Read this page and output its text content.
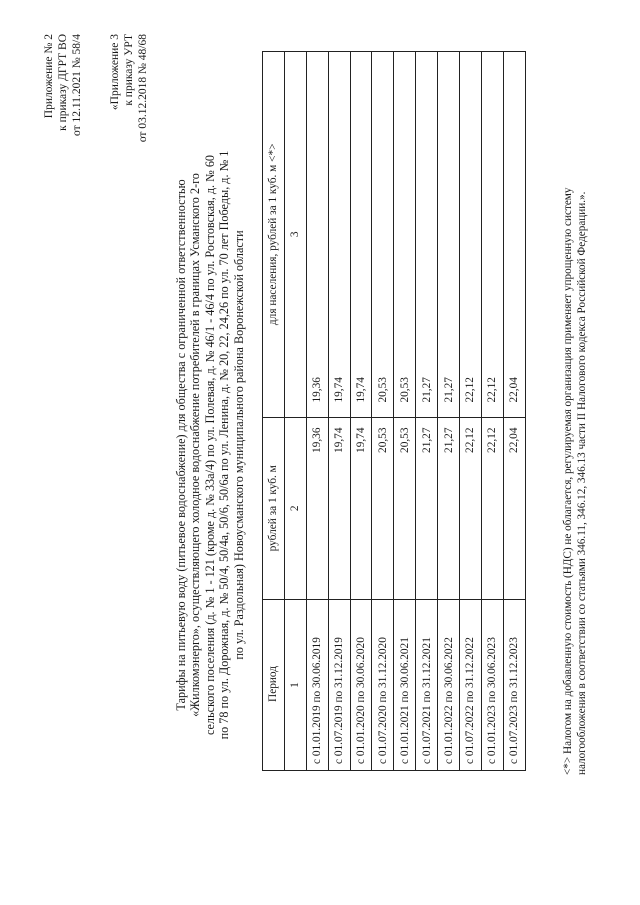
Приложение № 2 к приказу ДГРТ ВО от 12.11.2021 № 58/4 «Приложение 3 к приказу УРТ от 03.12.2018 № 48/68
Тарифы на питьевую воду (питьевое водоснабжение) для общества с ограниченной ответственностью «Жилкомэнерго», осуществляющего холодное водоснабжение потребителей в границах Усманского 2-го сельского поселения (д. № 1 - 121 (кроме д. № 33а/4) по ул. Полевая, д. № 46/1 - 46/4 по ул. Ростовская, д. № 60 по 78 по ул. Дорожная, д. № 50/4, 50/4а, 50/6, 50/6а по ул. Ленина, д. № 20, 22, 24,26 по ул. 70 лет Победы, д. № 1 по ул. Раздольная) Новоусманского муниципального района Воронежской области
Период	рублей за 1 куб. м	для населения, рублей за 1 куб. м <*>
1	2	3
с 01.01.2019 по 30.06.2019	19,36	19,36
с 01.07.2019 по 31.12.2019	19,74	19,74
с 01.01.2020 по 30.06.2020	19,74	19,74
с 01.07.2020 по 31.12.2020	20,53	20,53
с 01.01.2021 по 30.06.2021	20,53	20,53
с 01.07.2021 по 31.12.2021	21,27	21,27
с 01.01.2022 по 30.06.2022	21,27	21,27
с 01.07.2022 по 31.12.2022	22,12	22,12
с 01.01.2023 по 30.06.2023	22,12	22,12
с 01.07.2023 по 31.12.2023	22,04	22,04	<*> Налогом на добавленную стоимость (НДС) не облагается, регулируемая организация применяет упрощенную систему налогообложения в соответствии со статьями 346.11, 346.12, 346.13 части II Налогового кодекса Российской Федерации.».
